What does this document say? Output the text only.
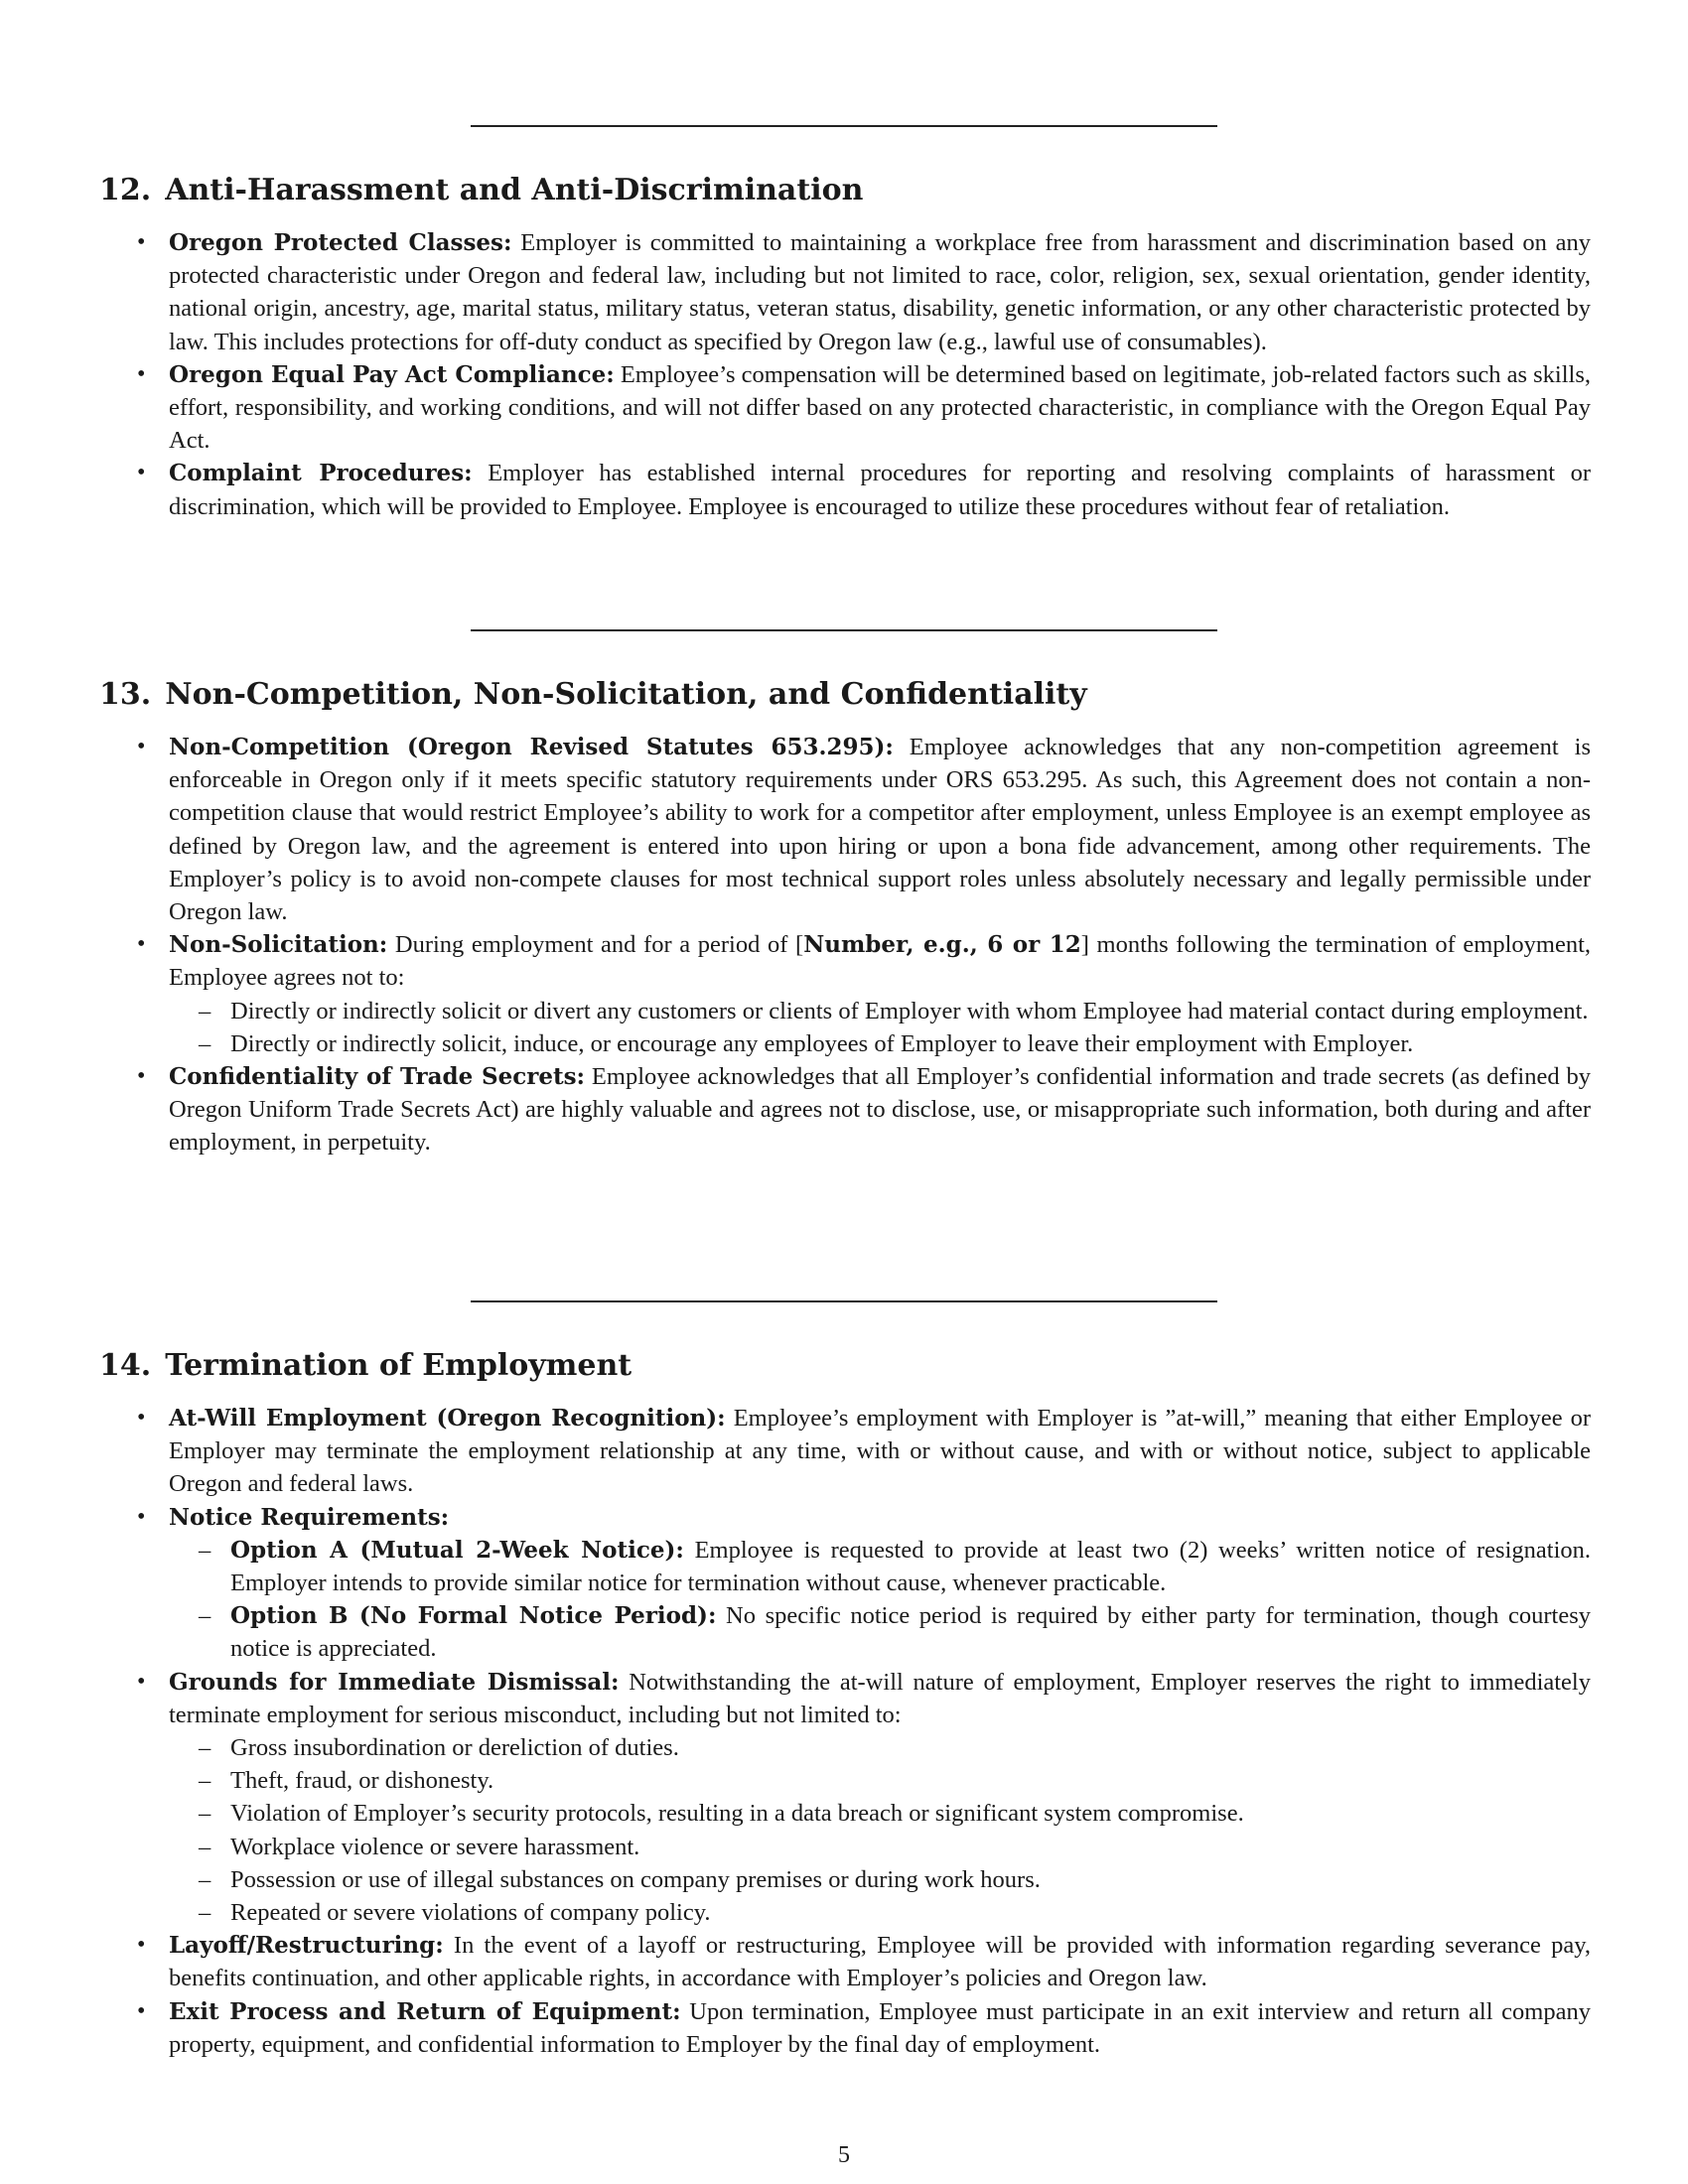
12. Anti-Harassment and Anti-Discrimination
• Oregon Protected Classes: Employer is committed to maintaining a workplace free from harassment and discrimination based on any protected characteristic under Oregon and federal law, including but not limited to race, color, religion, sex, sexual orientation, gender identity, national origin, ancestry, age, marital status, military status, veteran status, disability, genetic information, or any other characteristic protected by law. This includes protections for off-duty conduct as specified by Oregon law (e.g., lawful use of consumables).
• Oregon Equal Pay Act Compliance: Employee’s compensation will be determined based on legitimate, job-related factors such as skills, effort, responsibility, and working conditions, and will not differ based on any protected characteristic, in compliance with the Oregon Equal Pay Act.
• Complaint Procedures: Employer has established internal procedures for reporting and resolving complaints of harassment or discrimination, which will be provided to Employee. Employee is encouraged to utilize these procedures without fear of retaliation.
13. Non-Competition, Non-Solicitation, and Confidentiality
• Non-Competition (Oregon Revised Statutes 653.295): Employee acknowledges that any non-competition agreement is enforceable in Oregon only if it meets specific statutory requirements under ORS 653.295. As such, this Agreement does not contain a non-competition clause that would restrict Employee’s ability to work for a competitor after employment, unless Employee is an exempt employee as defined by Oregon law, and the agreement is entered into upon hiring or upon a bona fide advancement, among other requirements. The Employer’s policy is to avoid non-compete clauses for most technical support roles unless absolutely necessary and legally permissible under Oregon law.
• Non-Solicitation: During employment and for a period of [Number, e.g., 6 or 12] months following the termination of employment, Employee agrees not to:
– Directly or indirectly solicit or divert any customers or clients of Employer with whom Employee had material contact during employment.
– Directly or indirectly solicit, induce, or encourage any employees of Employer to leave their employment with Employer.
• Confidentiality of Trade Secrets: Employee acknowledges that all Employer’s confidential information and trade secrets (as defined by Oregon Uniform Trade Secrets Act) are highly valuable and agrees not to disclose, use, or misappropriate such information, both during and after employment, in perpetuity.
14. Termination of Employment
• At-Will Employment (Oregon Recognition): Employee’s employment with Employer is ”at-will,” meaning that either Employee or Employer may terminate the employment relationship at any time, with or without cause, and with or without notice, subject to applicable Oregon and federal laws.
• Notice Requirements:
– Option A (Mutual 2-Week Notice): Employee is requested to provide at least two (2) weeks’ written notice of resignation. Employer intends to provide similar notice for termination without cause, whenever practicable.
– Option B (No Formal Notice Period): No specific notice period is required by either party for termination, though courtesy notice is appreciated.
• Grounds for Immediate Dismissal: Notwithstanding the at-will nature of employment, Employer reserves the right to immediately terminate employment for serious misconduct, including but not limited to:
– Gross insubordination or dereliction of duties.
– Theft, fraud, or dishonesty.
– Violation of Employer’s security protocols, resulting in a data breach or significant system compromise.
– Workplace violence or severe harassment.
– Possession or use of illegal substances on company premises or during work hours.
– Repeated or severe violations of company policy.
• Layoff/Restructuring: In the event of a layoff or restructuring, Employee will be provided with information regarding severance pay, benefits continuation, and other applicable rights, in accordance with Employer’s policies and Oregon law.
• Exit Process and Return of Equipment: Upon termination, Employee must participate in an exit interview and return all company property, equipment, and confidential information to Employer by the final day of employment.
5
